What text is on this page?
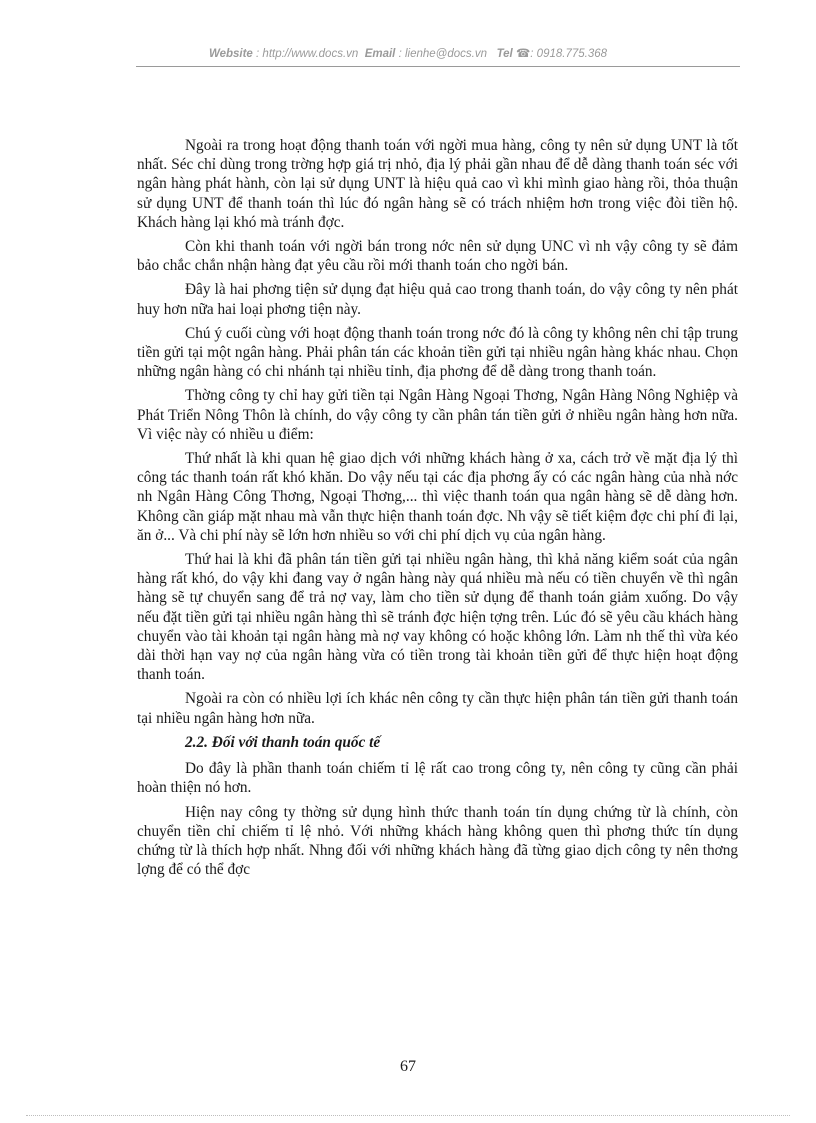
Website : http://www.docs.vn Email : lienhe@docs.vn Tel ☎: 0918.775.368

Ngoài ra trong hoạt động thanh toán với ngời mua hàng, công ty nên sử dụng UNT là tốt nhất. Séc chỉ dùng trong trờng hợp giá trị nhỏ, địa lý phải gần nhau để dễ dàng thanh toán séc với ngân hàng phát hành, còn lại sử dụng UNT là hiệu quả cao vì khi mình giao hàng rồi, thỏa thuận sử dụng UNT để thanh toán thì lúc đó ngân hàng sẽ có trách nhiệm hơn trong việc đòi tiền hộ. Khách hàng lại khó mà tránh đợc.

Còn khi thanh toán với ngời bán trong nớc nên sử dụng UNC vì nh vậy công ty sẽ đảm bảo chắc chắn nhận hàng đạt yêu cầu rồi mới thanh toán cho ngời bán.

Đây là hai phơng tiện sử dụng đạt hiệu quả cao trong thanh toán, do vậy công ty nên phát huy hơn nữa hai loại phơng tiện này.

Chú ý cuối cùng với hoạt động thanh toán trong nớc đó là công ty không nên chỉ tập trung tiền gửi tại một ngân hàng. Phải phân tán các khoản tiền gửi tại nhiều ngân hàng khác nhau. Chọn những ngân hàng có chi nhánh tại nhiều tỉnh, địa phơng để dễ dàng trong thanh toán.

Thờng công ty chỉ hay gửi tiền tại Ngân Hàng Ngoại Thơng, Ngân Hàng Nông Nghiệp và Phát Triển Nông Thôn là chính, do vậy công ty cần phân tán tiền gửi ở nhiều ngân hàng hơn nữa. Vì việc này có nhiều u điểm:

Thứ nhất là khi quan hệ giao dịch với những khách hàng ở xa, cách trở về mặt địa lý thì công tác thanh toán rất khó khăn. Do vậy nếu tại các địa phơng ấy có các ngân hàng của nhà nớc nh Ngân Hàng Công Thơng, Ngoại Thơng,... thì việc thanh toán qua ngân hàng sẽ dễ dàng hơn. Không cần giáp mặt nhau mà vẫn thực hiện thanh toán đợc. Nh vậy sẽ tiết kiệm đợc chi phí đi lại, ăn ở... Và chi phí này sẽ lớn hơn nhiều so với chi phí dịch vụ của ngân hàng.

Thứ hai là khi đã phân tán tiền gửi tại nhiều ngân hàng, thì khả năng kiểm soát của ngân hàng rất khó, do vậy khi đang vay ở ngân hàng này quá nhiều mà nếu có tiền chuyển về thì ngân hàng sẽ tự chuyển sang để trả nợ vay, làm cho tiền sử dụng để thanh toán giảm xuống. Do vậy nếu đặt tiền gửi tại nhiều ngân hàng thì sẽ tránh đợc hiện tợng trên. Lúc đó sẽ yêu cầu khách hàng chuyển vào tài khoản tại ngân hàng mà nợ vay không có hoặc không lớn. Làm nh thế thì vừa kéo dài thời hạn vay nợ của ngân hàng vừa có tiền trong tài khoản tiền gửi để thực hiện hoạt động thanh toán.

Ngoài ra còn có nhiều lợi ích khác nên công ty cần thực hiện phân tán tiền gửi thanh toán tại nhiều ngân hàng hơn nữa.

2.2. Đối với thanh toán quốc tế

Do đây là phần thanh toán chiếm tỉ lệ rất cao trong công ty, nên công ty cũng cần phải hoàn thiện nó hơn.

Hiện nay công ty thờng sử dụng hình thức thanh toán tín dụng chứng từ là chính, còn chuyển tiền chỉ chiếm tỉ lệ nhỏ. Với những khách hàng không quen thì phơng thức tín dụng chứng từ là thích hợp nhất. Nhng đối với những khách hàng đã từng giao dịch công ty nên thơng lợng để có thể đợc

67
